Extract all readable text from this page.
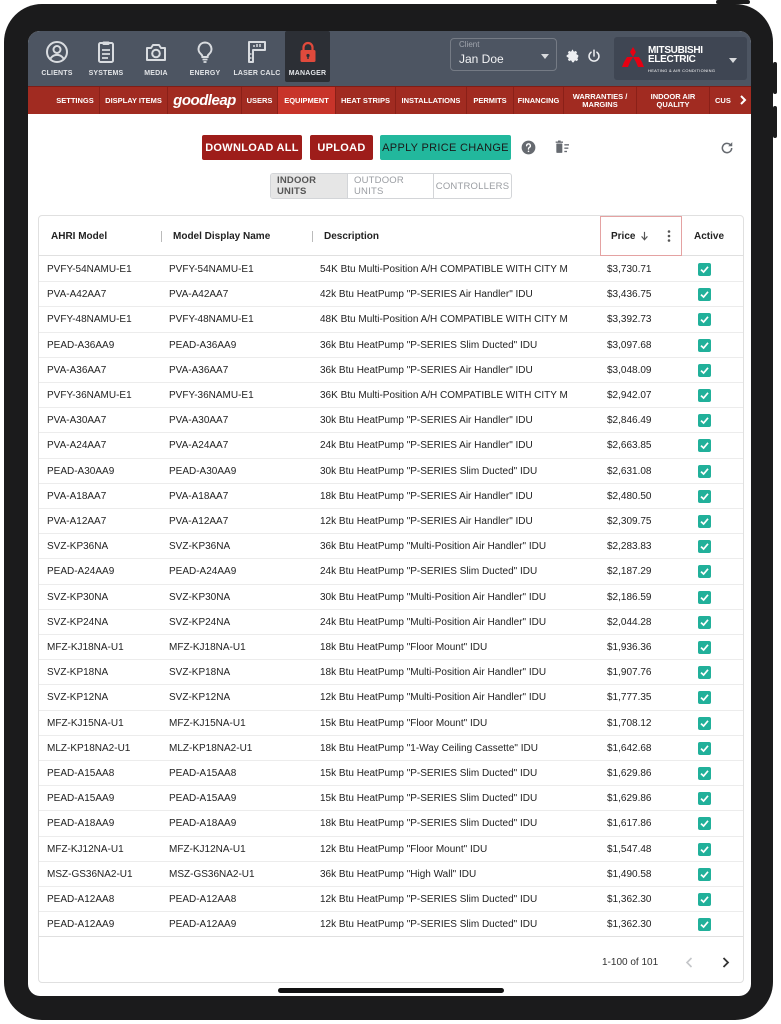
CLIENTS SYSTEMS	MEDIA	ENERGY LASER CALC MANAGER
Client
Jan Doe
MITSUBISHI
ELECTRIC
HEATING & AIR CONDITIONING
SETTINGS DISPLAY ITEMS goodleap USERS EQUIPMENT HEAT STRIPS INSTALLATIONS PERMITS FINANCING	WARRANTIES / MARGINS
INDOOR AIR QUALITY	CUS
DOWNLOAD ALL	UPLOAD	APPLY PRICE CHANGE
INDOOR UNITS
OUTDOOR UNITS	CONTROLLERS
AHRI Model	Model Display Name	Description	Price	Active
PVFY-54NAMU-E1	PVFY-54NAMU-E1	54K Btu Multi-Position A/H COMPATIBLE WITH CITY M	$3,730.71
PVA-A42AA7	PVA-A42AA7	42k Btu HeatPump "P-SERIES Air Handler" IDU	$3,436.75
PVFY-48NAMU-E1	PVFY-48NAMU-E1	48K Btu Multi-Position A/H COMPATIBLE WITH CITY M	$3,392.73
PEAD-A36AA9	PEAD-A36AA9	36k Btu HeatPump "P-SERIES Slim Ducted" IDU	$3,097.68
PVA-A36AA7	PVA-A36AA7	36k Btu HeatPump "P-SERIES Air Handler" IDU	$3,048.09
PVFY-36NAMU-E1	PVFY-36NAMU-E1	36K Btu Multi-Position A/H COMPATIBLE WITH CITY M	$2,942.07
PVA-A30AA7	PVA-A30AA7	30k Btu HeatPump "P-SERIES Air Handler" IDU	$2,846.49
PVA-A24AA7	PVA-A24AA7	24k Btu HeatPump "P-SERIES Air Handler" IDU	$2,663.85
PEAD-A30AA9	PEAD-A30AA9	30k Btu HeatPump "P-SERIES Slim Ducted" IDU	$2,631.08
PVA-A18AA7	PVA-A18AA7	18k Btu HeatPump "P-SERIES Air Handler" IDU	$2,480.50
PVA-A12AA7	PVA-A12AA7	12k Btu HeatPump "P-SERIES Air Handler" IDU	$2,309.75
SVZ-KP36NA	SVZ-KP36NA	36k Btu HeatPump "Multi-Position Air Handler" IDU	$2,283.83
PEAD-A24AA9	PEAD-A24AA9	24k Btu HeatPump "P-SERIES Slim Ducted" IDU	$2,187.29
SVZ-KP30NA	SVZ-KP30NA	30k Btu HeatPump "Multi-Position Air Handler" IDU	$2,186.59
SVZ-KP24NA	SVZ-KP24NA	24k Btu HeatPump "Multi-Position Air Handler" IDU	$2,044.28
MFZ-KJ18NA-U1	MFZ-KJ18NA-U1	18k Btu HeatPump "Floor Mount" IDU	$1,936.36
SVZ-KP18NA	SVZ-KP18NA	18k Btu HeatPump "Multi-Position Air Handler" IDU	$1,907.76
SVZ-KP12NA	SVZ-KP12NA	12k Btu HeatPump "Multi-Position Air Handler" IDU	$1,777.35
MFZ-KJ15NA-U1	MFZ-KJ15NA-U1	15k Btu HeatPump "Floor Mount" IDU	$1,708.12
MLZ-KP18NA2-U1	MLZ-KP18NA2-U1	18k Btu HeatPump "1-Way Ceiling Cassette" IDU	$1,642.68
PEAD-A15AA8	PEAD-A15AA8	15k Btu HeatPump "P-SERIES Slim Ducted" IDU	$1,629.86
PEAD-A15AA9	PEAD-A15AA9	15k Btu HeatPump "P-SERIES Slim Ducted" IDU	$1,629.86
PEAD-A18AA9	PEAD-A18AA9	18k Btu HeatPump "P-SERIES Slim Ducted" IDU	$1,617.86
MFZ-KJ12NA-U1	MFZ-KJ12NA-U1	12k Btu HeatPump "Floor Mount" IDU	$1,547.48
MSZ-GS36NA2-U1	MSZ-GS36NA2-U1	36k Btu HeatPump "High Wall" IDU	$1,490.58
PEAD-A12AA8	PEAD-A12AA8	12k Btu HeatPump "P-SERIES Slim Ducted" IDU	$1,362.30
PEAD-A12AA9	PEAD-A12AA9	12k Btu HeatPump "P-SERIES Slim Ducted" IDU	$1,362.30
1-100 of 101
